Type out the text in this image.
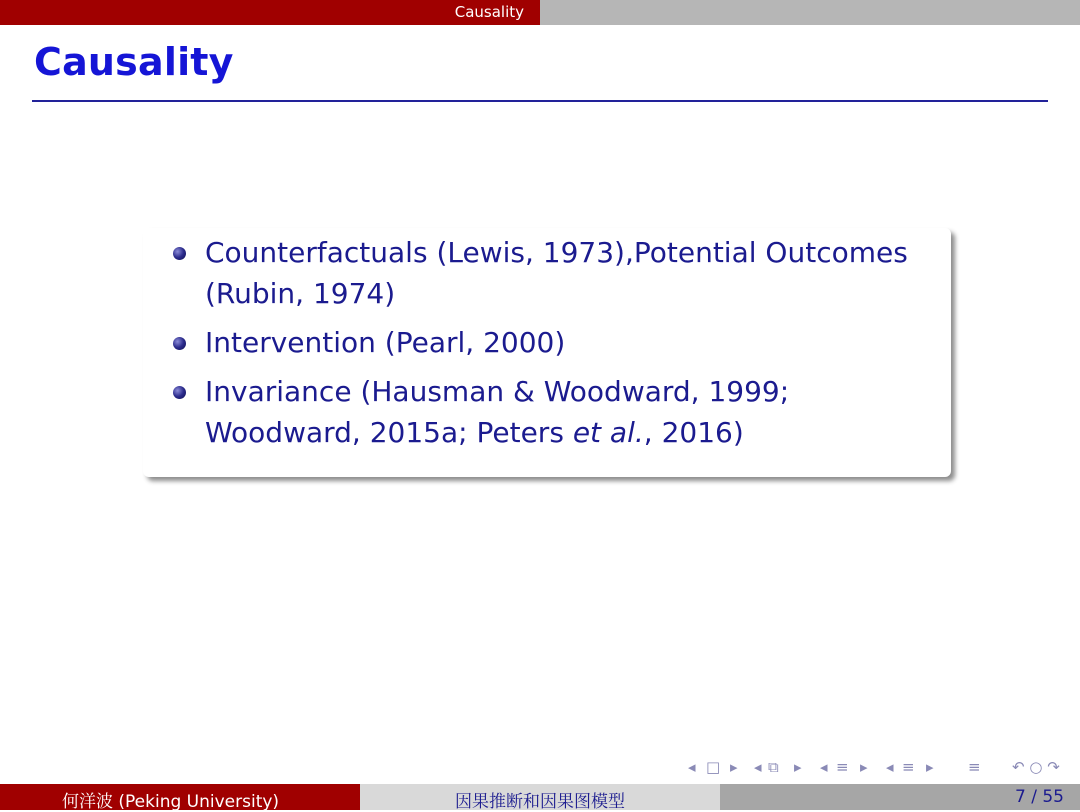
Causality
Causality
Counterfactuals (Lewis, 1973),Potential Outcomes (Rubin, 1974)
Intervention (Pearl, 2000)
Invariance (Hausman & Woodward, 1999; Woodward, 2015a; Peters et al., 2016)
◂ □ ▸ ◂ ⧉ ▸ ◂ ≡ ▸ ◂ ≡ ▸ ≡ ↶ ○ ↷
何洋波 (Peking University)	因果推断和因果图模型	7 / 55
